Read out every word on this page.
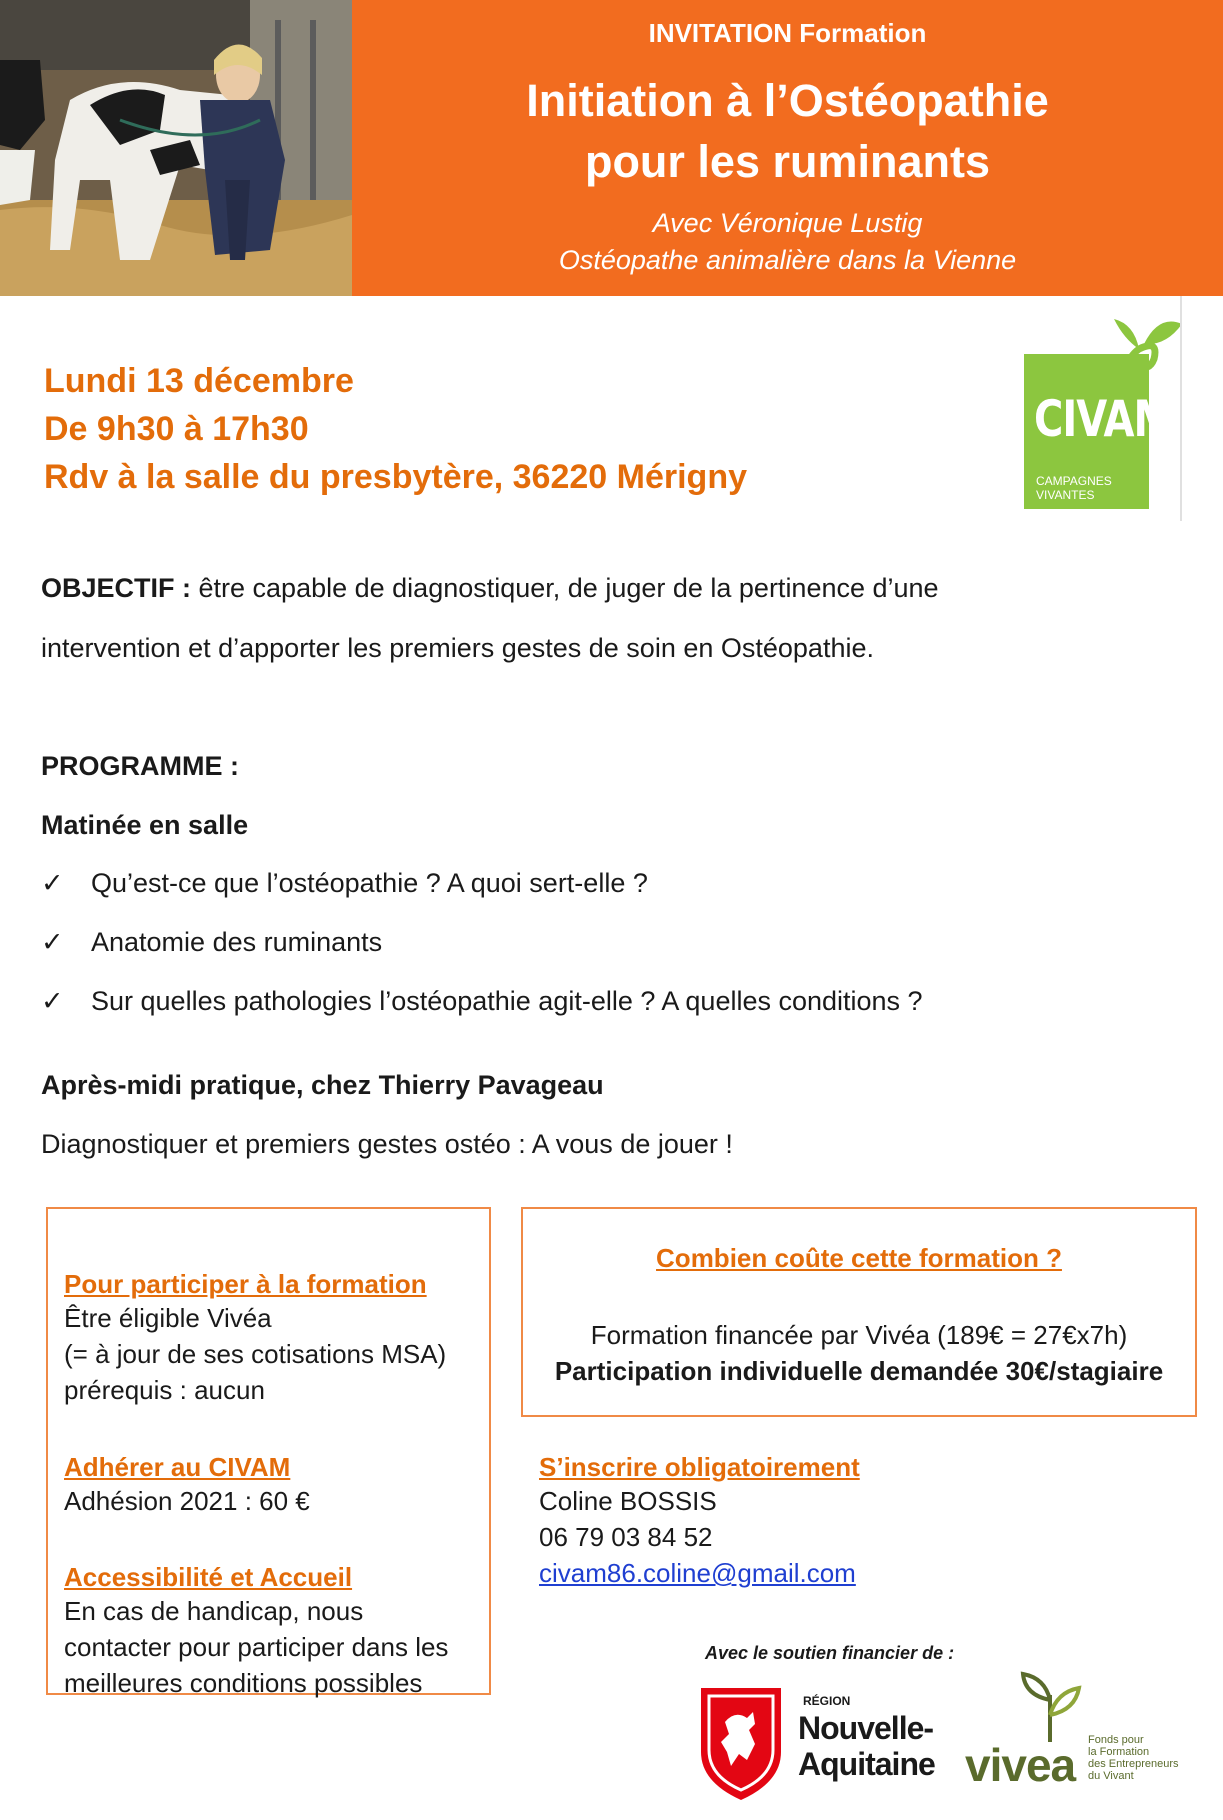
INVITATION Formation
Initiation à l’Ostéopathie
pour les ruminants
Avec Véronique Lustig
Ostéopathe animalière dans la Vienne
Lundi 13 décembre
De 9h30 à 17h30
Rdv à la salle du presbytère, 36220 Mérigny
CIVAM
CAMPAGNES
VIVANTES
OBJECTIF : être capable de diagnostiquer, de juger de la pertinence d’une
intervention et d’apporter les premiers gestes de soin en Ostéopathie.
PROGRAMME :
Matinée en salle
✓ Qu’est-ce que l’ostéopathie ? A quoi sert-elle ?
✓ Anatomie des ruminants
✓ Sur quelles pathologies l’ostéopathie agit-elle ? A quelles conditions ?
Après-midi pratique, chez Thierry Pavageau
Diagnostiquer et premiers gestes ostéo : A vous de jouer !
Pour participer à la formation
Être éligible Vivéa
(= à jour de ses cotisations MSA)
prérequis : aucun
Adhérer au CIVAM
Adhésion 2021 : 60 €
Accessibilité et Accueil
En cas de handicap, nous
contacter pour participer dans les
meilleures conditions possibles
Combien coûte cette formation ?
Formation financée par Vivéa (189€ = 27€x7h)
Participation individuelle demandée 30€/stagiaire
S’inscrire obligatoirement
Coline BOSSIS
06 79 03 84 52
civam86.coline@gmail.com
Avec le soutien financier de :
RÉGION
Nouvelle-
Aquitaine vivea Fonds pour
la Formation
des Entrepreneurs
du Vivant
